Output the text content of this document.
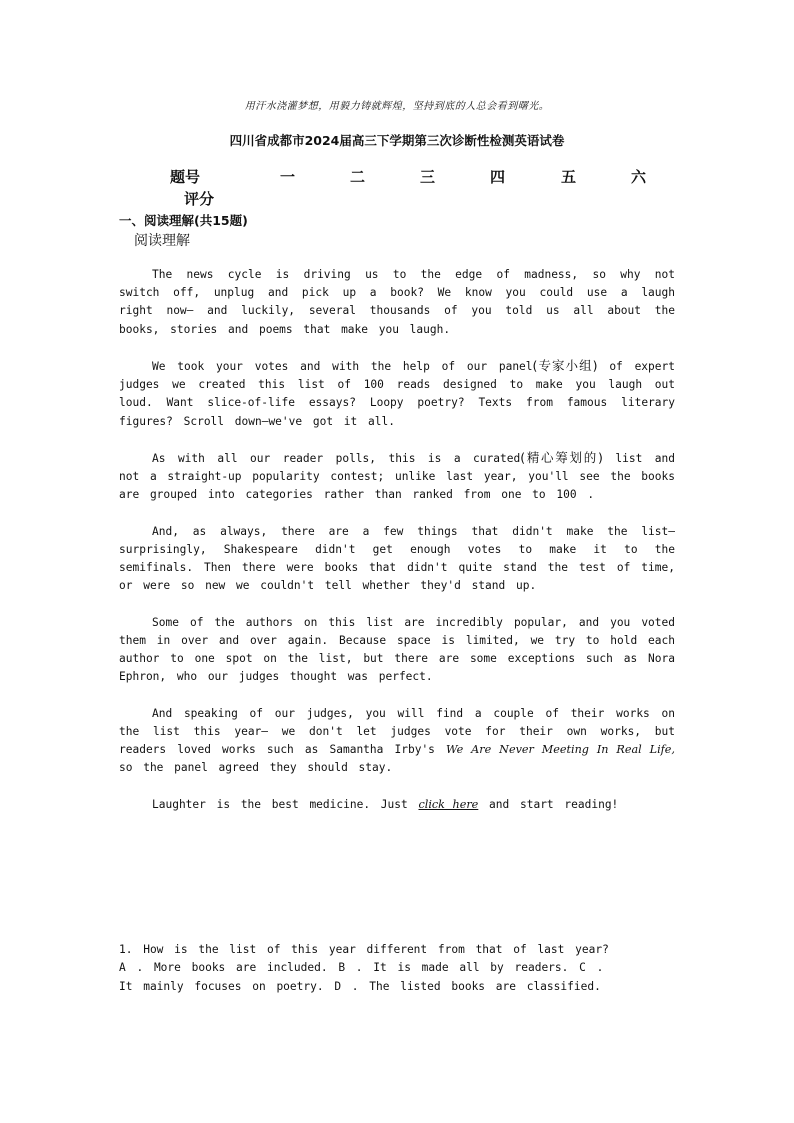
用汗水浇灌梦想，用毅力铸就辉煌，坚持到底的人总会看到曙光。
四川省成都市2024届高三下学期第三次诊断性检测英语试卷
题号	一	二	三	四	五	六
评分
一、阅读理解(共15题)
阅读理解

The news cycle is driving us to the edge of madness, so why not switch off, unplug and pick up a book? We know you could use a laugh right now— and luckily, several thousands of you told us all about the books, stories and poems that make you laugh.

We took your votes and with the help of our panel(专家小组) of expert judges we created this list of 100 reads designed to make you laugh out loud. Want slice-of-life essays? Loopy poetry? Texts from famous literary figures? Scroll down—we've got it all.

As with all our reader polls, this is a curated(精心筹划的) list and not a straight-up popularity contest; unlike last year, you'll see the books are grouped into categories rather than ranked from one to 100 .

And, as always, there are a few things that didn't make the list— surprisingly, Shakespeare didn't get enough votes to make it to the semifinals. Then there were books that didn't quite stand the test of time, or were so new we couldn't tell whether they'd stand up.

Some of the authors on this list are incredibly popular, and you voted them in over and over again. Because space is limited, we try to hold each author to one spot on the list, but there are some exceptions such as Nora Ephron, who our judges thought was perfect.

And speaking of our judges, you will find a couple of their works on the list this year— we don't let judges vote for their own works, but readers loved works such as Samantha Irby's We Are Never Meeting In Real Life, so the panel agreed they should stay.

Laughter is the best medicine. Just click here and start reading!

1. How is the list of this year different from that of last year?
A . More books are included. B . It is made all by readers. C .
It mainly focuses on poetry. D . The listed books are classified.
